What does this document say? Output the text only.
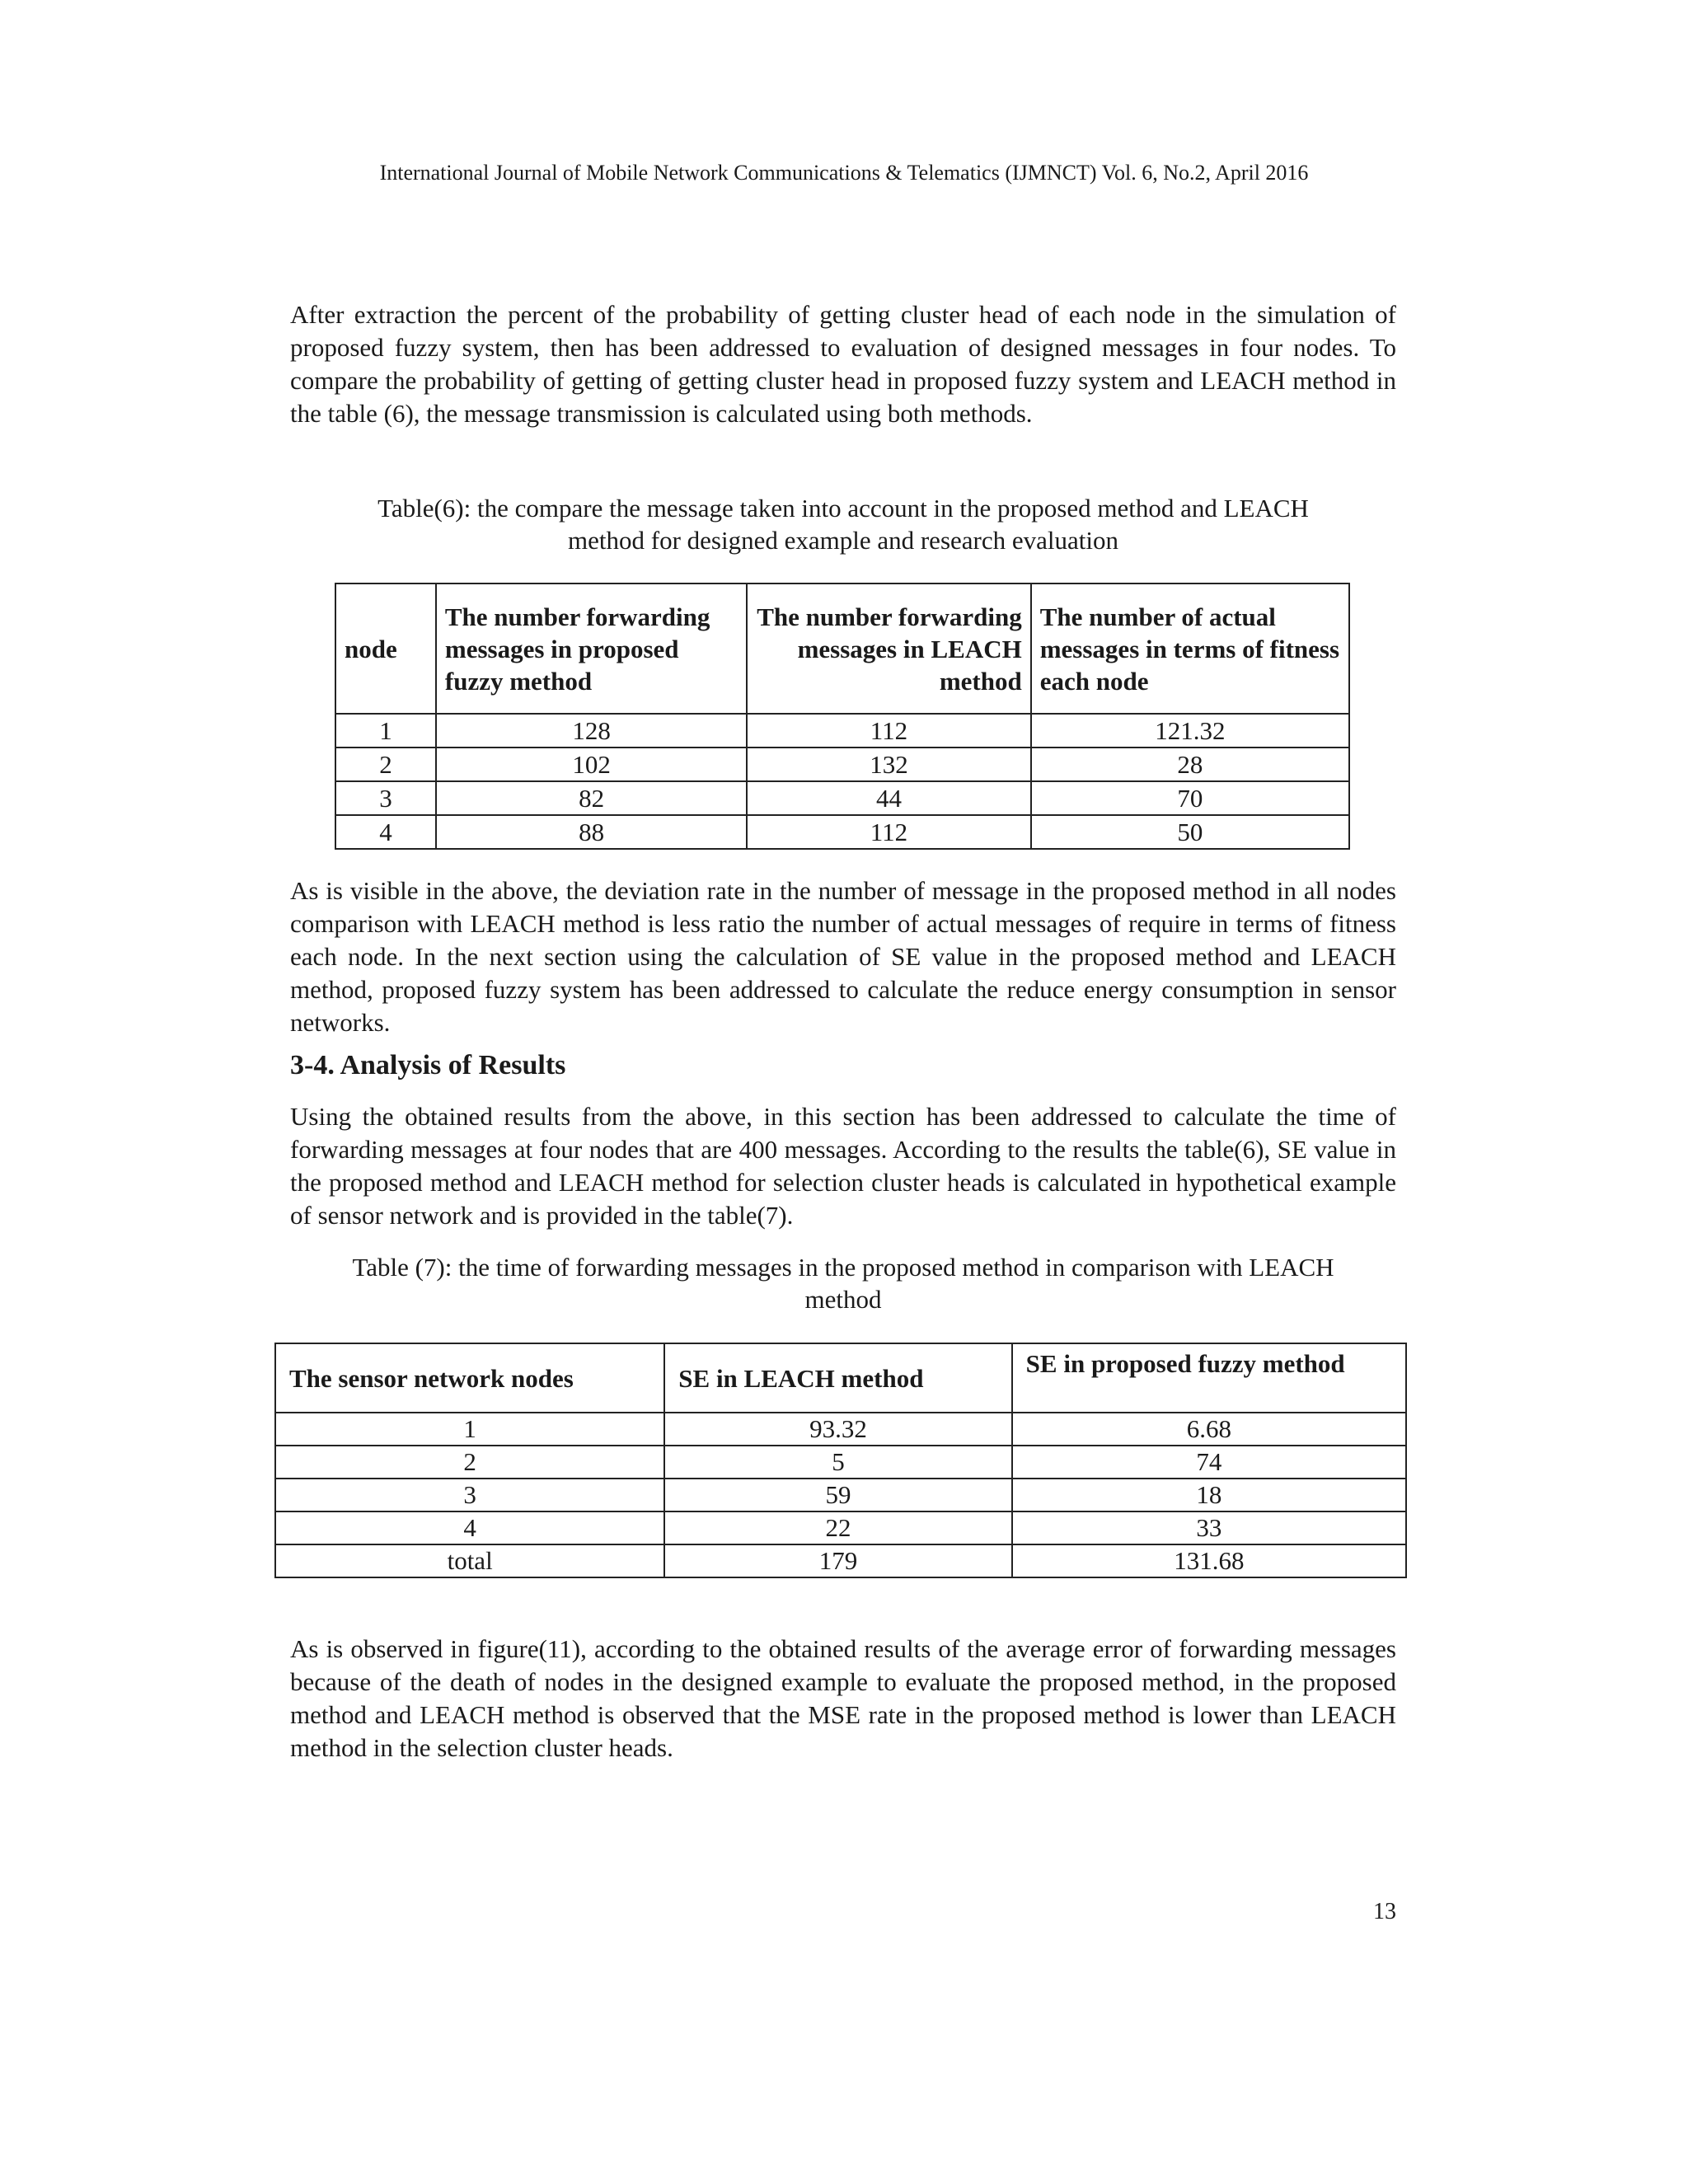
International Journal of Mobile Network Communications & Telematics (IJMNCT) Vol. 6, No.2, April 2016

After extraction the percent of the probability of getting cluster head of each node in the simulation of proposed fuzzy system, then has been addressed to evaluation of designed messages in four nodes. To compare the probability of getting of getting cluster head in proposed fuzzy system and LEACH method in the table (6), the message transmission is calculated using both methods.

Table(6): the compare the message taken into account in the proposed method and LEACH
method for designed example and research evaluation
node	The number forwarding messages in proposed fuzzy method	The number forwarding messages in LEACH method	The number of actual messages in terms of fitness each node
1	128	112	121.32
2	102	132	28
3	82	44	70
4	88	112	50

As is visible in the above, the deviation rate in the number of message in the proposed method in all nodes comparison with LEACH method is less ratio the number of actual messages of require in terms of fitness each node. In the next section using the calculation of SE value in the proposed method and LEACH method, proposed fuzzy system has been addressed to calculate the reduce energy consumption in sensor networks.

3-4. Analysis of Results

Using the obtained results from the above, in this section has been addressed to calculate the time of forwarding messages at four nodes that are 400 messages. According to the results the table(6), SE value in the proposed method and LEACH method for selection cluster heads is calculated in hypothetical example of sensor network and is provided in the table(7).

Table (7): the time of forwarding messages in the proposed method in comparison with LEACH
method
The sensor network nodes	SE in LEACH method	SE in proposed fuzzy method
1	93.32	6.68
2	5	74
3	59	18
4	22	33
total	179	131.68

As is observed in figure(11), according to the obtained results of the average error of forwarding messages because of the death of nodes in the designed example to evaluate the proposed method, in the proposed method and LEACH method is observed that the MSE rate in the proposed method is lower than LEACH method in the selection cluster heads.

13
